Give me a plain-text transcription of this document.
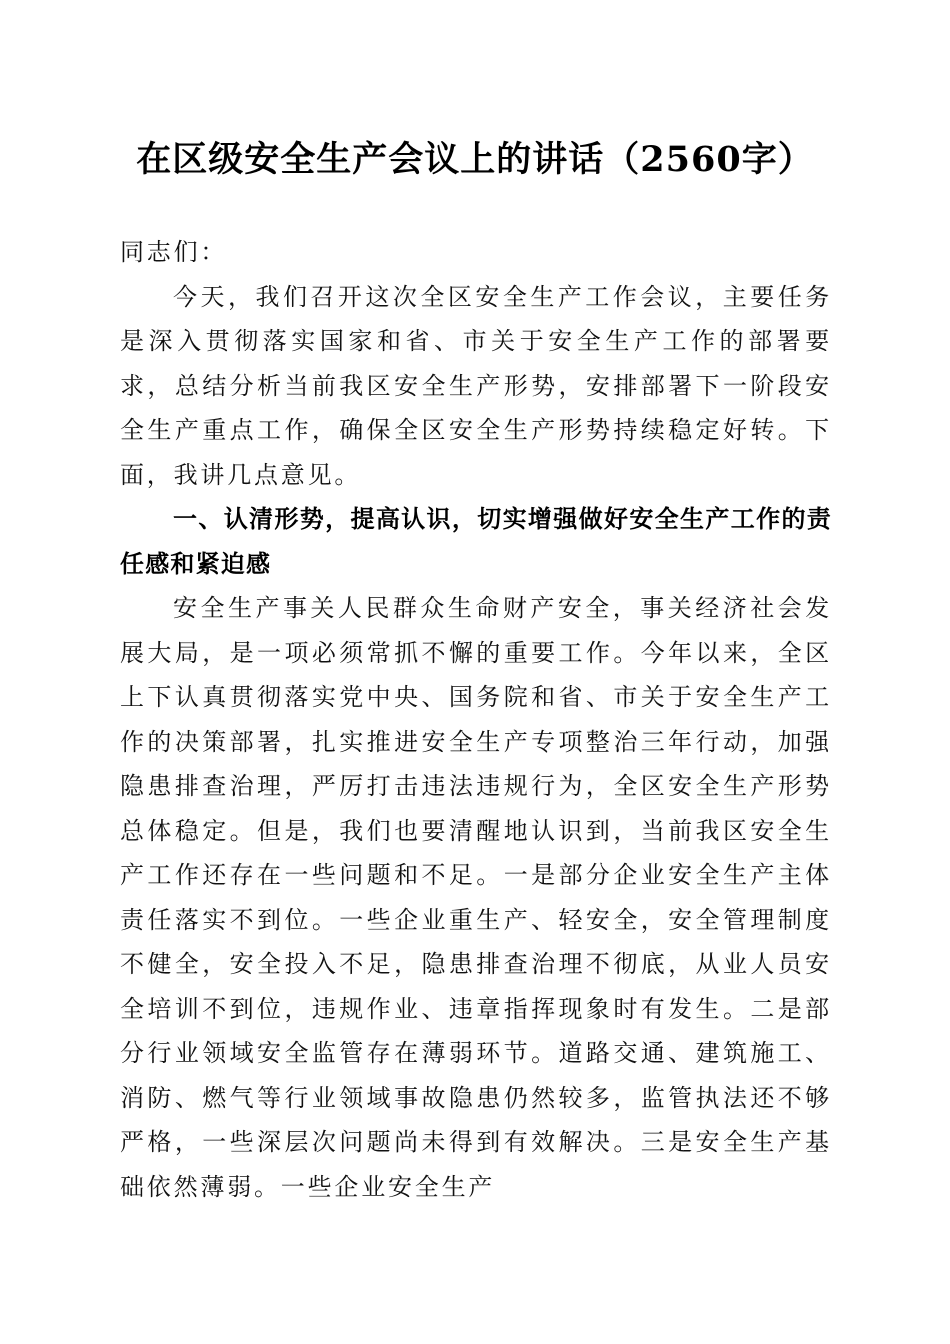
在区级安全生产会议上的讲话（2560字）

同志们：

今天，我们召开这次全区安全生产工作会议，主要任务是深入贯彻落实国家和省、市关于安全生产工作的部署要求，总结分析当前我区安全生产形势，安排部署下一阶段安全生产重点工作，确保全区安全生产形势持续稳定好转。下面，我讲几点意见。

一、认清形势，提高认识，切实增强做好安全生产工作的责任感和紧迫感

安全生产事关人民群众生命财产安全，事关经济社会发展大局，是一项必须常抓不懈的重要工作。今年以来，全区上下认真贯彻落实党中央、国务院和省、市关于安全生产工作的决策部署，扎实推进安全生产专项整治三年行动，加强隐患排查治理，严厉打击违法违规行为，全区安全生产形势总体稳定。但是，我们也要清醒地认识到，当前我区安全生产工作还存在一些问题和不足。一是部分企业安全生产主体责任落实不到位。一些企业重生产、轻安全，安全管理制度不健全，安全投入不足，隐患排查治理不彻底，从业人员安全培训不到位，违规作业、违章指挥现象时有发生。二是部分行业领域安全监管存在薄弱环节。道路交通、建筑施工、消防、燃气等行业领域事故隐患仍然较多，监管执法还不够严格，一些深层次问题尚未得到有效解决。三是安全生产基础依然薄弱。一些企业安全生产
